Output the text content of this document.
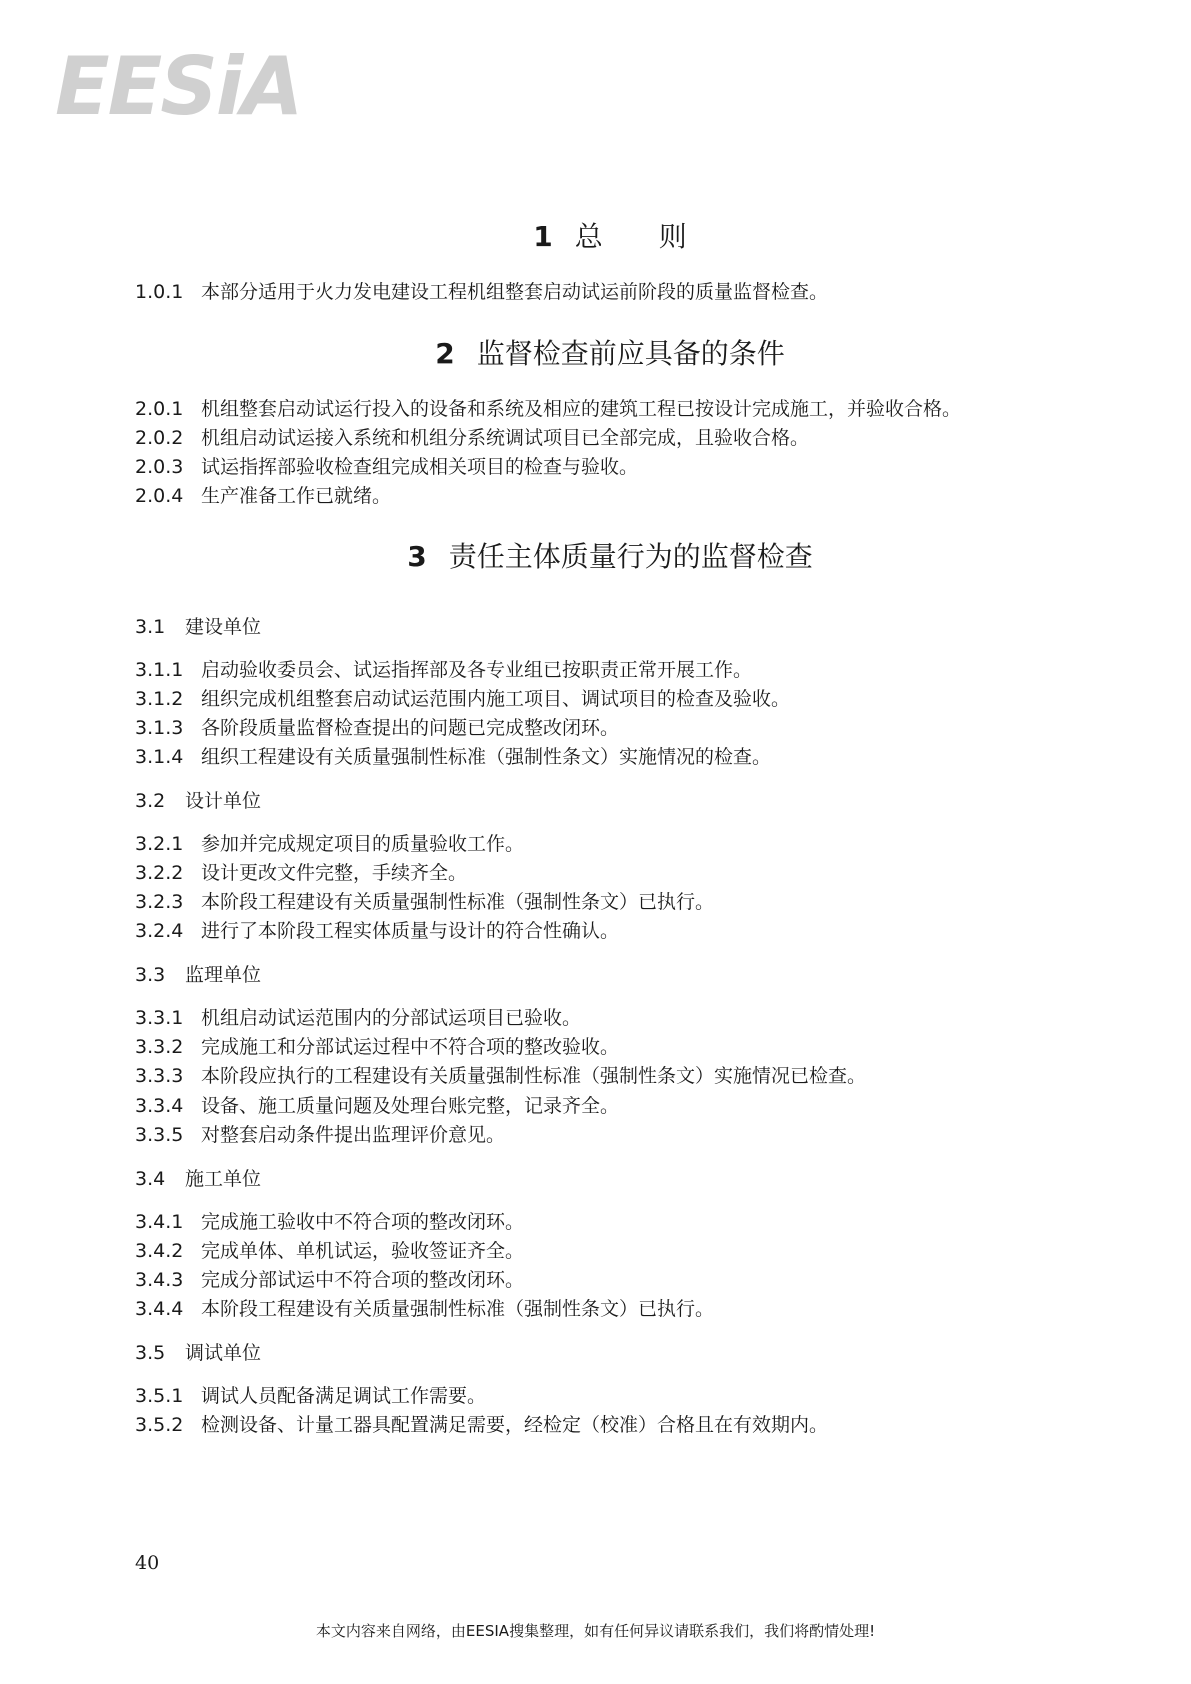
EESiA
1 总　　则
1.0.1 本部分适用于火力发电建设工程机组整套启动试运前阶段的质量监督检查。
2 监督检查前应具备的条件
2.0.1 机组整套启动试运行投入的设备和系统及相应的建筑工程已按设计完成施工，并验收合格。
2.0.2 机组启动试运接入系统和机组分系统调试项目已全部完成，且验收合格。
2.0.3 试运指挥部验收检查组完成相关项目的检查与验收。
2.0.4 生产准备工作已就绪。
3 责任主体质量行为的监督检查
3.1 建设单位
3.1.1 启动验收委员会、试运指挥部及各专业组已按职责正常开展工作。
3.1.2 组织完成机组整套启动试运范围内施工项目、调试项目的检查及验收。
3.1.3 各阶段质量监督检查提出的问题已完成整改闭环。
3.1.4 组织工程建设有关质量强制性标准（强制性条文）实施情况的检查。
3.2 设计单位
3.2.1 参加并完成规定项目的质量验收工作。
3.2.2 设计更改文件完整，手续齐全。
3.2.3 本阶段工程建设有关质量强制性标准（强制性条文）已执行。
3.2.4 进行了本阶段工程实体质量与设计的符合性确认。
3.3 监理单位
3.3.1 机组启动试运范围内的分部试运项目已验收。
3.3.2 完成施工和分部试运过程中不符合项的整改验收。
3.3.3 本阶段应执行的工程建设有关质量强制性标准（强制性条文）实施情况已检查。
3.3.4 设备、施工质量问题及处理台账完整，记录齐全。
3.3.5 对整套启动条件提出监理评价意见。
3.4 施工单位
3.4.1 完成施工验收中不符合项的整改闭环。
3.4.2 完成单体、单机试运，验收签证齐全。
3.4.3 完成分部试运中不符合项的整改闭环。
3.4.4 本阶段工程建设有关质量强制性标准（强制性条文）已执行。
3.5 调试单位
3.5.1 调试人员配备满足调试工作需要。
3.5.2 检测设备、计量工器具配置满足需要，经检定（校准）合格且在有效期内。
40
本文内容来自网络，由EESIA搜集整理，如有任何异议请联系我们，我们将酌情处理!
